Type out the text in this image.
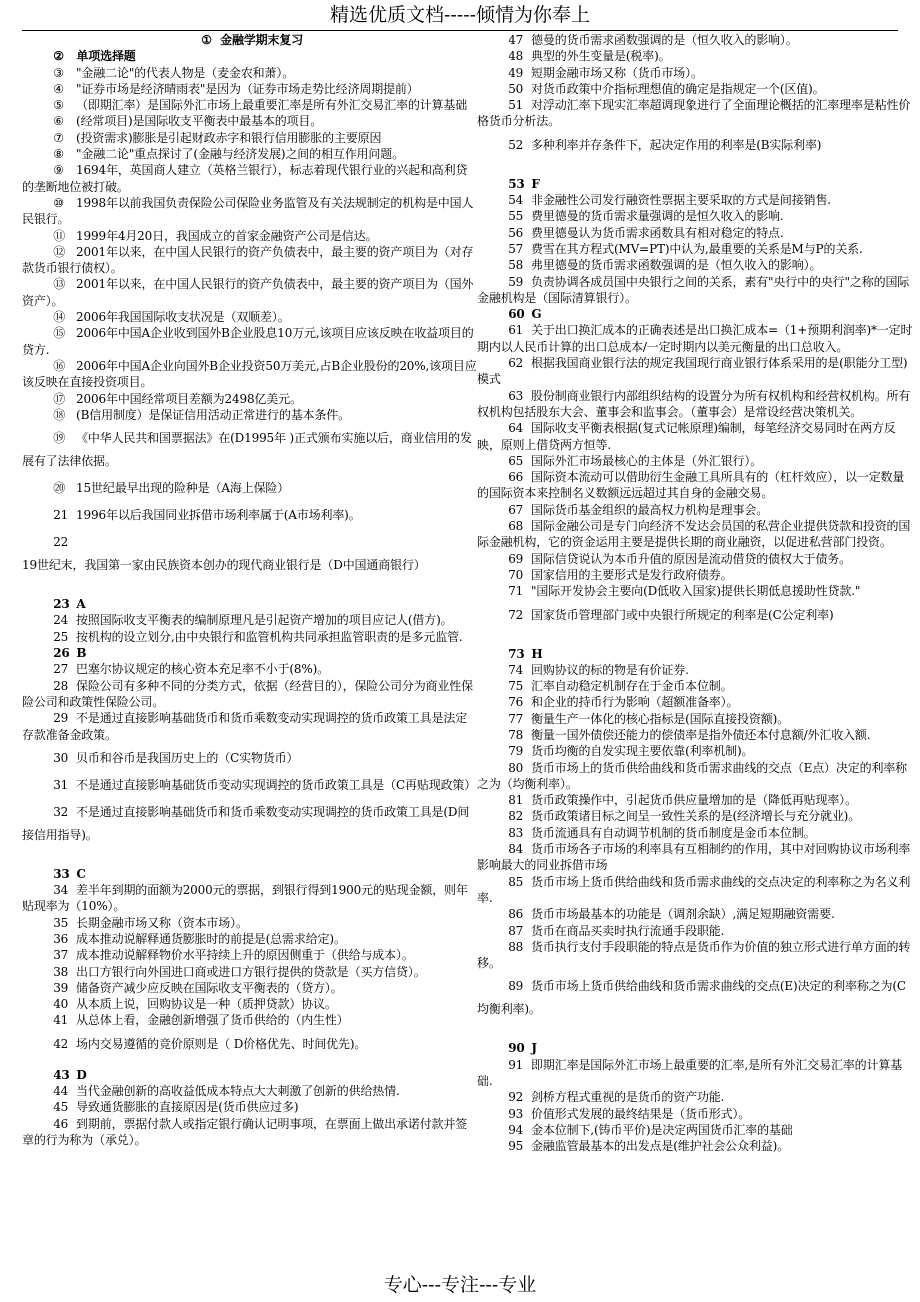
精选优质文档-----倾情为你奉上

① 金融学期末复习

② 单项选择题

③ "金融二论"的代表人物是（麦金农和萧）。

④ "证券市场是经济晴雨表"是因为（证券市场走势比经济周期提前）

⑤ （即期汇率）是国际外汇市场上最重要汇率是所有外汇交易汇率的计算基础

⑥ (经常项目)是国际收支平衡表中最基本的项目。

⑦ (投资需求)膨胀是引起财政赤字和银行信用膨胀的主要原因

⑧ "金融二论"重点探讨了(金融与经济发展)之间的相互作用问题。

⑨ 1694年，英国商人建立（英格兰银行），标志着现代银行业的兴起和高利贷的垄断地位被打破。

⑩ 1998年以前我国负责保险公司保险业务监管及有关法规制定的机构是中国人民银行。

⑪ 1999年4月20日，我国成立的首家金融资产公司是信达。

⑫ 2001年以来，在中国人民银行的资产负债表中，最主要的资产项目为（对存款货币银行债权）。

⑬ 2001年以来，在中国人民银行的资产负债表中，最主要的资产项目为（国外资产）。

⑭ 2006年我国国际收支状况是（双顺差）。

⑮ 2006年中国A企业收到国外B企业股息10万元,该项目应该反映在收益项目的贷方.

⑯ 2006年中国A企业向国外B企业投资50万美元,占B企业股份的20%,该项目应该反映在直接投资项目。

⑰ 2006年中国经常项目差额为2498亿美元。

⑱ (B信用制度）是保证信用活动正常进行的基本条件。

⑲ 《中华人民共和国票据法》在(D1995年 )正式颁布实施以后，商业信用的发展有了法律依据。

⑳ 15世纪最早出现的险种是（A海上保险）

21 1996年以后我国同业拆借市场利率属于(A市场利率)。

22 19世纪末，我国第一家由民族资本创办的现代商业银行是（D中国通商银行）

23 A

24 按照国际收支平衡表的编制原理凡是引起资产增加的项目应记人(借方)。

25 按机构的设立划分,由中央银行和监管机构共同承担监管职责的是多元监管.

26 B

27 巴塞尔协议规定的核心资本充足率不小于(8%)。

28 保险公司有多种不同的分类方式，依据（经营目的），保险公司分为商业性保险公司和政策性保险公司。

29 不是通过直接影响基础货币和货币乘数变动实现调控的货币政策工具是法定存款准备金政策。

30 贝币和谷币是我国历史上的（C实物货币）

31 不是通过直接影响基础货币变动实现调控的货币政策工具是（C再贴现政策）

32 不是通过直接影响基础货币和货币乘数变动实现调控的货币政策工具是(D间接信用指导)。

33 C

34 差半年到期的面额为2000元的票据，到银行得到1900元的贴现金额，则年贴现率为（10%）。

35 长期金融市场又称（资本市场）。

36 成本推动说解释通货膨胀时的前提是(总需求给定)。

37 成本推动说解释物价水平持续上升的原因侧重于（供给与成本）。

38 出口方银行向外国进口商或进口方银行提供的贷款是（买方信贷）。

39 储备资产减少应反映在国际收支平衡表的（贷方）。

40 从本质上说，回购协议是一种（质押贷款）协议。

41 从总体上看，金融创新增强了货币供给的（内生性）

42 场内交易遵循的竞价原则是（ D价格优先、时间优先)。

43 D

44 当代金融创新的高收益低成本特点大大刺激了创新的供给热情.

45 导致通货膨胀的直接原因是(货币供应过多)

46 到期前，票据付款人或指定银行确认记明事项，在票面上做出承诺付款并签章的行为称为（承兑）。

47 德曼的货币需求函数强调的是（恒久收入的影响）。

48 典型的外生变量是(税率)。

49 短期金融市场又称（货币市场）。

50 对货币政策中介指标理想值的确定是指规定一个(区值)。

51 对浮动汇率下现实汇率超调现象进行了全面理论概括的汇率理率是粘性价格货币分析法。

52 多种利率并存条件下，起决定作用的利率是(B实际利率)

53 F

54 非金融性公司发行融资性票据主要采取的方式是间接销售.

55 费里德曼的货币需求量强调的是恒久收入的影响.

56 费里德曼认为货币需求函数具有相对稳定的特点.

57 费雪在其方程式(MV=PT)中认为,最重要的关系是M与P的关系.

58 弗里德曼的货币需求函数强调的是（恒久收入的影响）。

59 负责协调各成员国中央银行之间的关系，素有"央行中的央行"之称的国际金融机构是（国际清算银行）。

60 G

61 关于出口换汇成本的正确表述是出口换汇成本=（1+预期利润率)*一定时期内以人民币计算的出口总成本/一定时期内以美元衡量的出口总收入。

62 根据我国商业银行法的规定我国现行商业银行体系采用的是(职能分工型)模式

63 股份制商业银行内部组织结构的设置分为所有权机构和经营权机构。所有权机构包括股东大会、董事会和监事会。（董事会）是常设经营决策机关。

64 国际收支平衡表根据(复式记帐原理)编制，每笔经济交易同时在两方反映，原则上借贷两方恒等.

65 国际外汇市场最核心的主体是（外汇银行）。

66 国际资本流动可以借助衍生金融工具所具有的（杠杆效应），以一定数量的国际资本来控制名义数额远远超过其自身的金融交易。

67 国际货币基金组织的最高权力机构是理事会。

68 国际金融公司是专门向经济不发达会员国的私营企业提供贷款和投资的国际金融机构，它的资金运用主要是提供长期的商业融资，以促进私营部门投资。

69 国际信贷说认为本币升值的原因是流动借贷的债权大于债务。

70 国家信用的主要形式是发行政府债券。

71 "国际开发协会主要向(D低收入国家)提供长期低息援助性贷款."

72 国家货币管理部门或中央银行所规定的利率是(C公定利率)

73 H

74 回购协议的标的物是有价证券.

75 汇率自动稳定机制存在于金币本位制。

76 和企业的持币行为影响（超额准备率）。

77 衡量生产一体化的核心指标是(国际直接投资额)。

78 衡量一国外债偿还能力的偿债率是指外债还本付息额/外汇收入额.

79 货币均衡的自发实现主要依靠(利率机制)。

80 货币市场上的货币供给曲线和货币需求曲线的交点（E点）决定的利率称之为（均衡利率）。

81 货币政策操作中，引起货币供应量增加的是（降低再贴现率）。

82 货币政策诸目标之间呈一致性关系的是(经济增长与充分就业)。

83 货币流通具有自动调节机制的货币制度是金币本位制。

84 货币市场各子市场的利率具有互相制约的作用，其中对回购协议市场利率影响最大的同业拆借市场

85 货币市场上货币供给曲线和货币需求曲线的交点决定的利率称之为名义利率.

86 货币市场最基本的功能是（调剂余缺）,满足短期融资需要.

87 货币在商品买卖时执行流通手段职能.

88 货币执行支付手段职能的特点是货币作为价值的独立形式进行单方面的转移。

89 货币市场上货币供给曲线和货币需求曲线的交点(E)决定的利率称之为(C均衡利率)。

90 J

91 即期汇率是国际外汇市场上最重要的汇率,是所有外汇交易汇率的计算基础.

92 剑桥方程式重视的是货币的资产功能.

93 价值形式发展的最终结果是（货币形式）。

94 金本位制下,(铸币平价)是决定两国货币汇率的基础

95 金融监管最基本的出发点是(维护社会公众利益)。

专心---专注---专业
